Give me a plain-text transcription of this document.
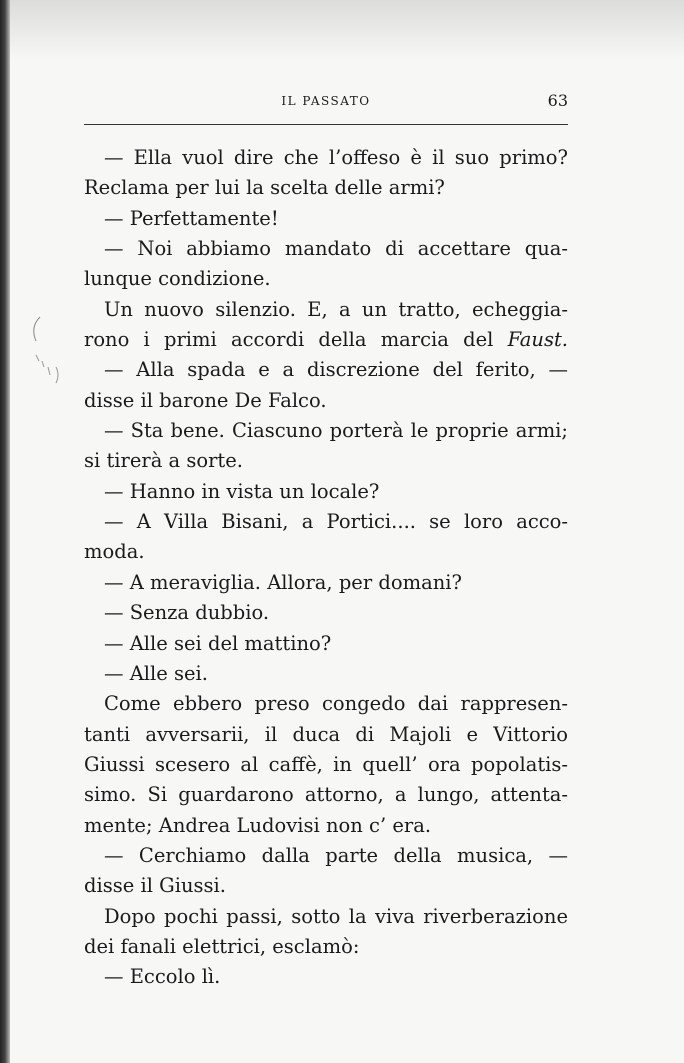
IL PASSATO	63
— Ella vuol dire che l’offeso è il suo primo?
Reclama per lui la scelta delle armi?
— Perfettamente!
— Noi abbiamo mandato di accettare qua-
lunque condizione.
Un nuovo silenzio. E, a un tratto, echeggia-
rono i primi accordi della marcia del Faust.
— Alla spada e a discrezione del ferito, —
disse il barone De Falco.
— Sta bene. Ciascuno porterà le proprie armi;
si tirerà a sorte.
— Hanno in vista un locale?
— A Villa Bisani, a Portici.... se loro acco-
moda.
— A meraviglia. Allora, per domani?
— Senza dubbio.
— Alle sei del mattino?
— Alle sei.
Come ebbero preso congedo dai rappresen-
tanti avversarii, il duca di Majoli e Vittorio
Giussi scesero al caffè, in quell’ ora popolatis-
simo. Si guardarono attorno, a lungo, attenta-
mente; Andrea Ludovisi non c’ era.
— Cerchiamo dalla parte della musica, —
disse il Giussi.
Dopo pochi passi, sotto la viva riverberazione
dei fanali elettrici, esclamò:
— Eccolo lì.
